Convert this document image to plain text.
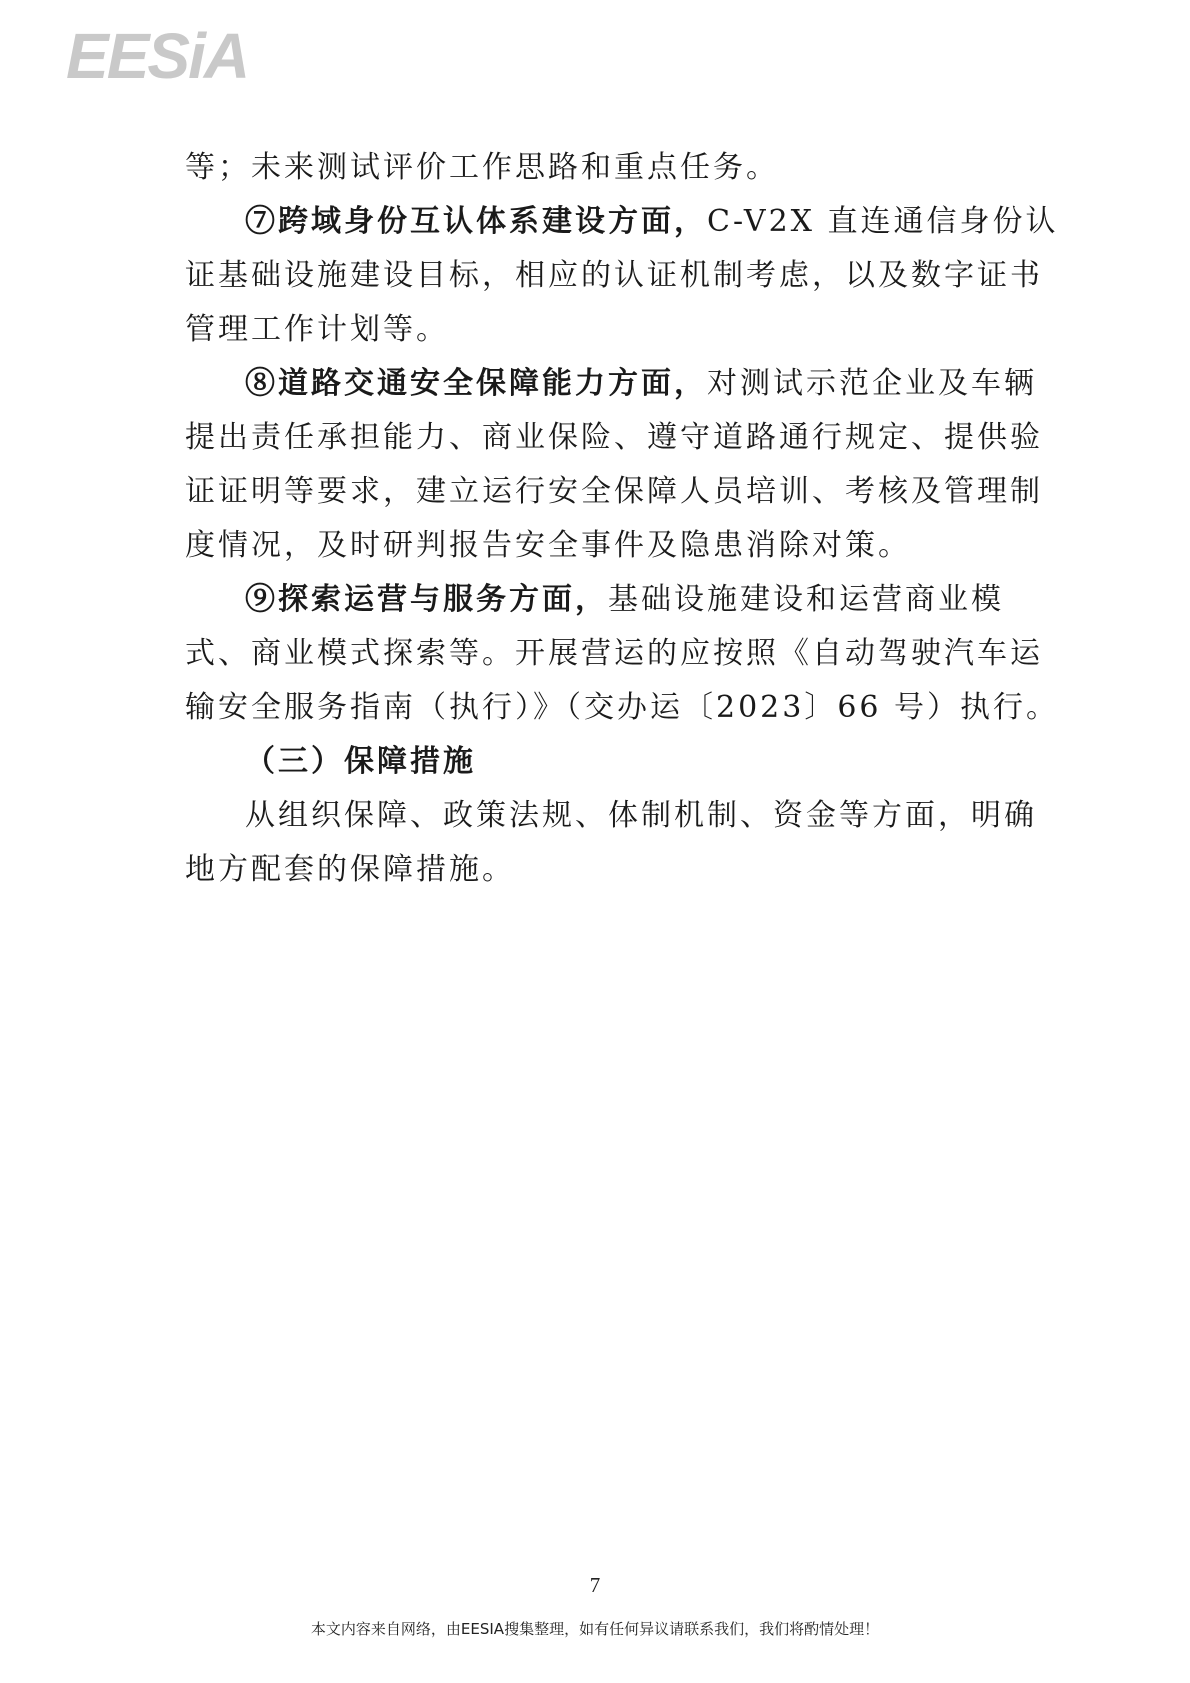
EESiA
等；未来测试评价工作思路和重点任务。
⑦跨域身份互认体系建设方面，C-V2X 直连通信身份认
证基础设施建设目标，相应的认证机制考虑，以及数字证书
管理工作计划等。
⑧道路交通安全保障能力方面，对测试示范企业及车辆
提出责任承担能力、商业保险、遵守道路通行规定、提供验
证证明等要求，建立运行安全保障人员培训、考核及管理制
度情况，及时研判报告安全事件及隐患消除对策。
⑨探索运营与服务方面，基础设施建设和运营商业模
式、商业模式探索等。开展营运的应按照《自动驾驶汽车运
输安全服务指南（执行）》（交办运〔2023〕66 号）执行。
（三）保障措施
从组织保障、政策法规、体制机制、资金等方面，明确
地方配套的保障措施。
7
本文内容来自网络，由EESIA搜集整理，如有任何异议请联系我们，我们将酌情处理！
